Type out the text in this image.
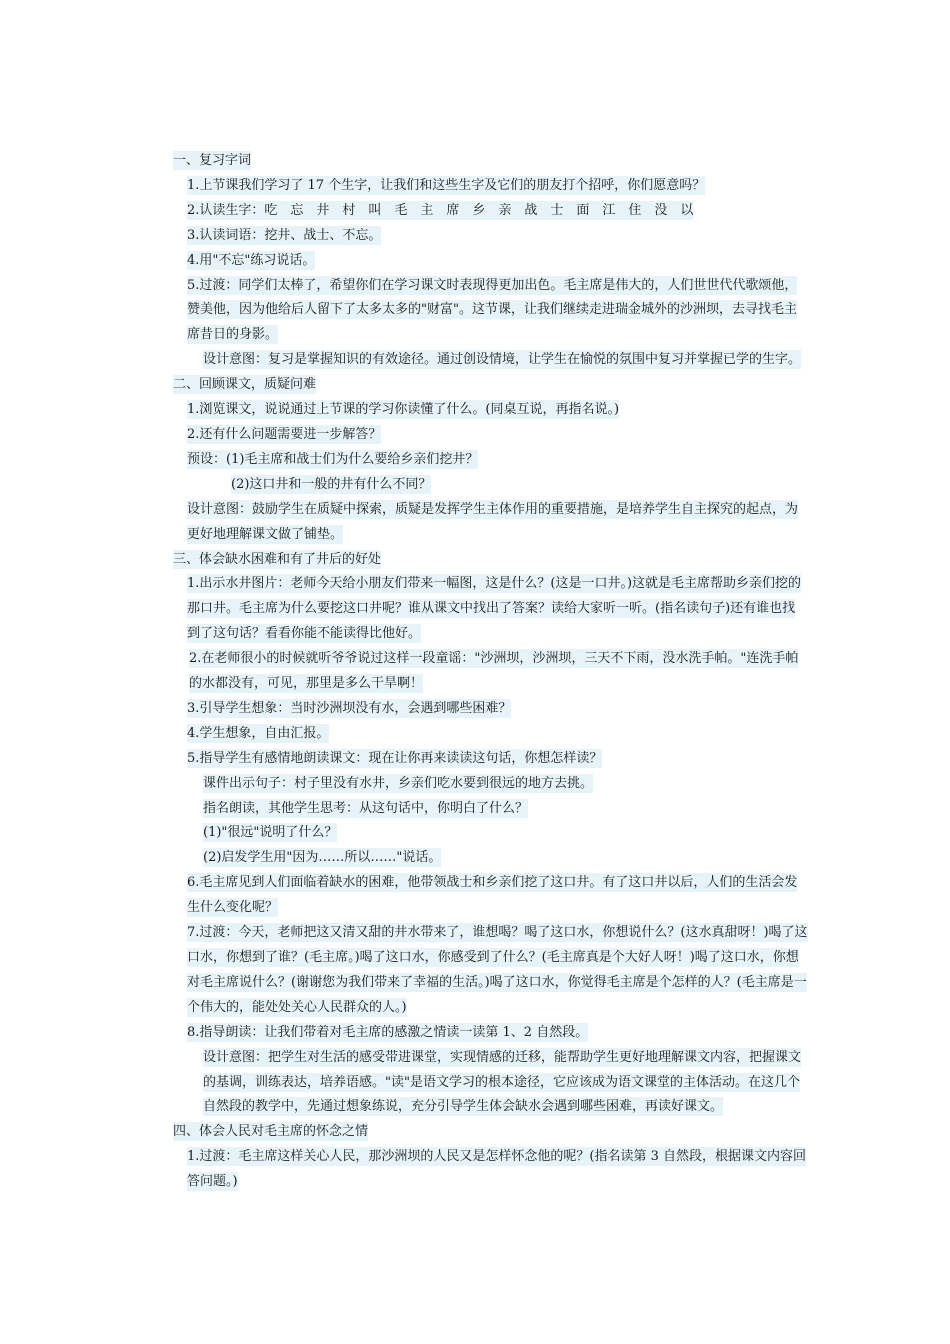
一、复习字词
1.上节课我们学习了 17 个生字，让我们和这些生字及它们的朋友打个招呼，你们愿意吗？
2.认读生字：吃　忘　井　村　叫　毛　主　席　乡　亲　战　士　面　江　住　没　以
3.认读词语：挖井、战士、不忘。
4.用"不忘"练习说话。
5.过渡：同学们太棒了，希望你们在学习课文时表现得更加出色。毛主席是伟大的，人们世世代代歌颂他，赞美他，因为他给后人留下了太多太多的"财富"。这节课，让我们继续走进瑞金城外的沙洲坝，去寻找毛主席昔日的身影。
设计意图：复习是掌握知识的有效途径。通过创设情境，让学生在愉悦的氛围中复习并掌握已学的生字。
二、回顾课文，质疑问难
1.浏览课文，说说通过上节课的学习你读懂了什么。(同桌互说，再指名说。)
2.还有什么问题需要进一步解答？
预设：(1)毛主席和战士们为什么要给乡亲们挖井？
(2)这口井和一般的井有什么不同？
设计意图：鼓励学生在质疑中探索，质疑是发挥学生主体作用的重要措施，是培养学生自主探究的起点，为更好地理解课文做了铺垫。
三、体会缺水困难和有了井后的好处
1.出示水井图片：老师今天给小朋友们带来一幅图，这是什么？(这是一口井。)这就是毛主席帮助乡亲们挖的那口井。毛主席为什么要挖这口井呢？谁从课文中找出了答案？读给大家听一听。(指名读句子)还有谁也找到了这句话？看看你能不能读得比他好。
2.在老师很小的时候就听爷爷说过这样一段童谣："沙洲坝，沙洲坝，三天不下雨，没水洗手帕。"连洗手帕的水都没有，可见，那里是多么干旱啊！
3.引导学生想象：当时沙洲坝没有水，会遇到哪些困难？
4.学生想象，自由汇报。
5.指导学生有感情地朗读课文：现在让你再来读读这句话，你想怎样读？
课件出示句子：村子里没有水井，乡亲们吃水要到很远的地方去挑。
指名朗读，其他学生思考：从这句话中，你明白了什么？
(1)"很远"说明了什么？
(2)启发学生用"因为……所以……"说话。
6.毛主席见到人们面临着缺水的困难，他带领战士和乡亲们挖了这口井。有了这口井以后，人们的生活会发生什么变化呢？
7.过渡：今天，老师把这又清又甜的井水带来了，谁想喝？喝了这口水，你想说什么？(这水真甜呀！)喝了这口水，你想到了谁？(毛主席。)喝了这口水，你感受到了什么？(毛主席真是个大好人呀！)喝了这口水，你想对毛主席说什么？(谢谢您为我们带来了幸福的生活。)喝了这口水，你觉得毛主席是个怎样的人？(毛主席是一个伟大的，能处处关心人民群众的人。)
8.指导朗读：让我们带着对毛主席的感激之情读一读第 1、2 自然段。
设计意图：把学生对生活的感受带进课堂，实现情感的迁移，能帮助学生更好地理解课文内容，把握课文的基调，训练表达，培养语感。"读"是语文学习的根本途径，它应该成为语文课堂的主体活动。在这几个自然段的教学中，先通过想象练说，充分引导学生体会缺水会遇到哪些困难，再读好课文。
四、体会人民对毛主席的怀念之情
1.过渡：毛主席这样关心人民，那沙洲坝的人民又是怎样怀念他的呢？(指名读第 3 自然段，根据课文内容回答问题。)
